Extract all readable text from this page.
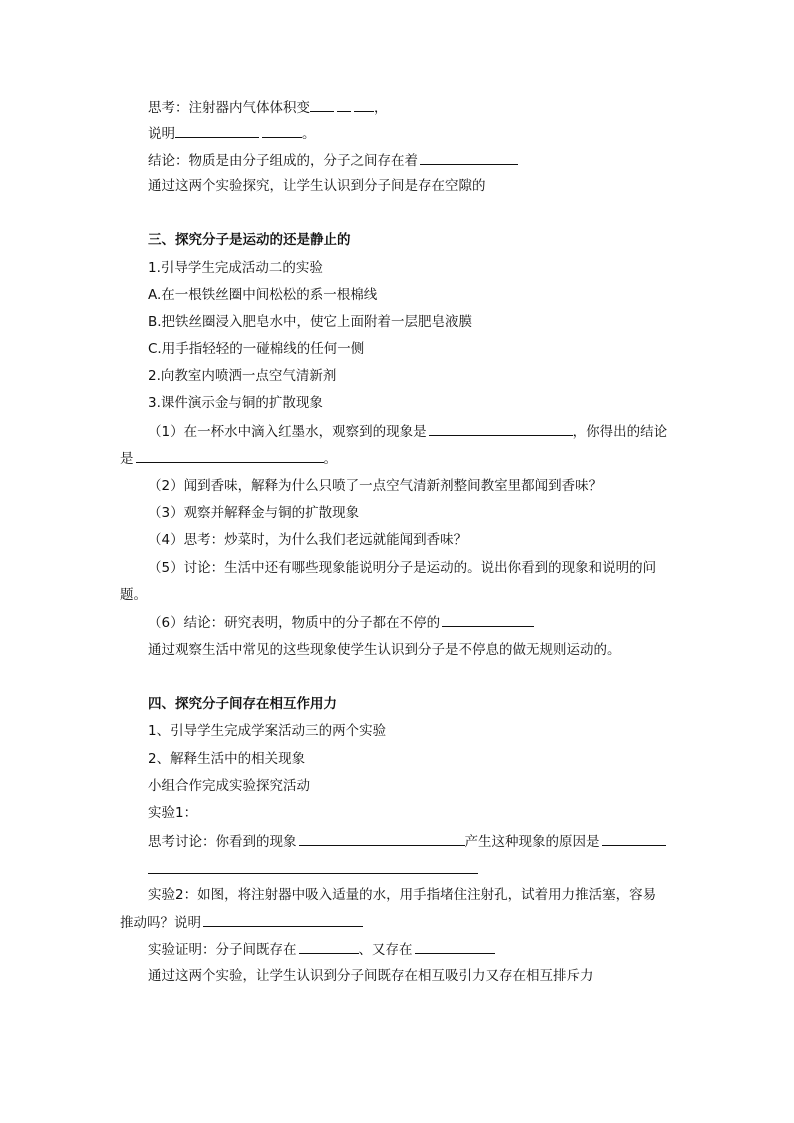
思考：注射器内气体体积变	，
说明	。
结论：物质是由分子组成的，分子之间存在着
通过这两个实验探究，让学生认识到分子间是存在空隙的
三、探究分子是运动的还是静止的
1.引导学生完成活动二的实验
A.在一根铁丝圈中间松松的系一根棉线
B.把铁丝圈浸入肥皂水中，使它上面附着一层肥皂液膜
C.用手指轻轻的一碰棉线的任何一侧
2.向教室内喷洒一点空气清新剂
3.课件演示金与铜的扩散现象
（1）在一杯水中滴入红墨水，观察到的现象是	，你得出的结论
是	。
（2）闻到香味，解释为什么只喷了一点空气清新剂整间教室里都闻到香味？
（3）观察并解释金与铜的扩散现象
（4）思考：炒菜时，为什么我们老远就能闻到香味？
（5）讨论：生活中还有哪些现象能说明分子是运动的。说出你看到的现象和说明的问
题。
（6）结论：研究表明，物质中的分子都在不停的
通过观察生活中常见的这些现象使学生认识到分子是不停息的做无规则运动的。
四、探究分子间存在相互作用力
1、引导学生完成学案活动三的两个实验
2、解释生活中的相关现象
小组合作完成实验探究活动
实验1：
思考讨论：你看到的现象	产生这种现象的原因是
实验2：如图，将注射器中吸入适量的水，用手指堵住注射孔，试着用力推活塞，容易
推动吗？说明
实验证明：分子间既存在	、又存在
通过这两个实验，让学生认识到分子间既存在相互吸引力又存在相互排斥力
